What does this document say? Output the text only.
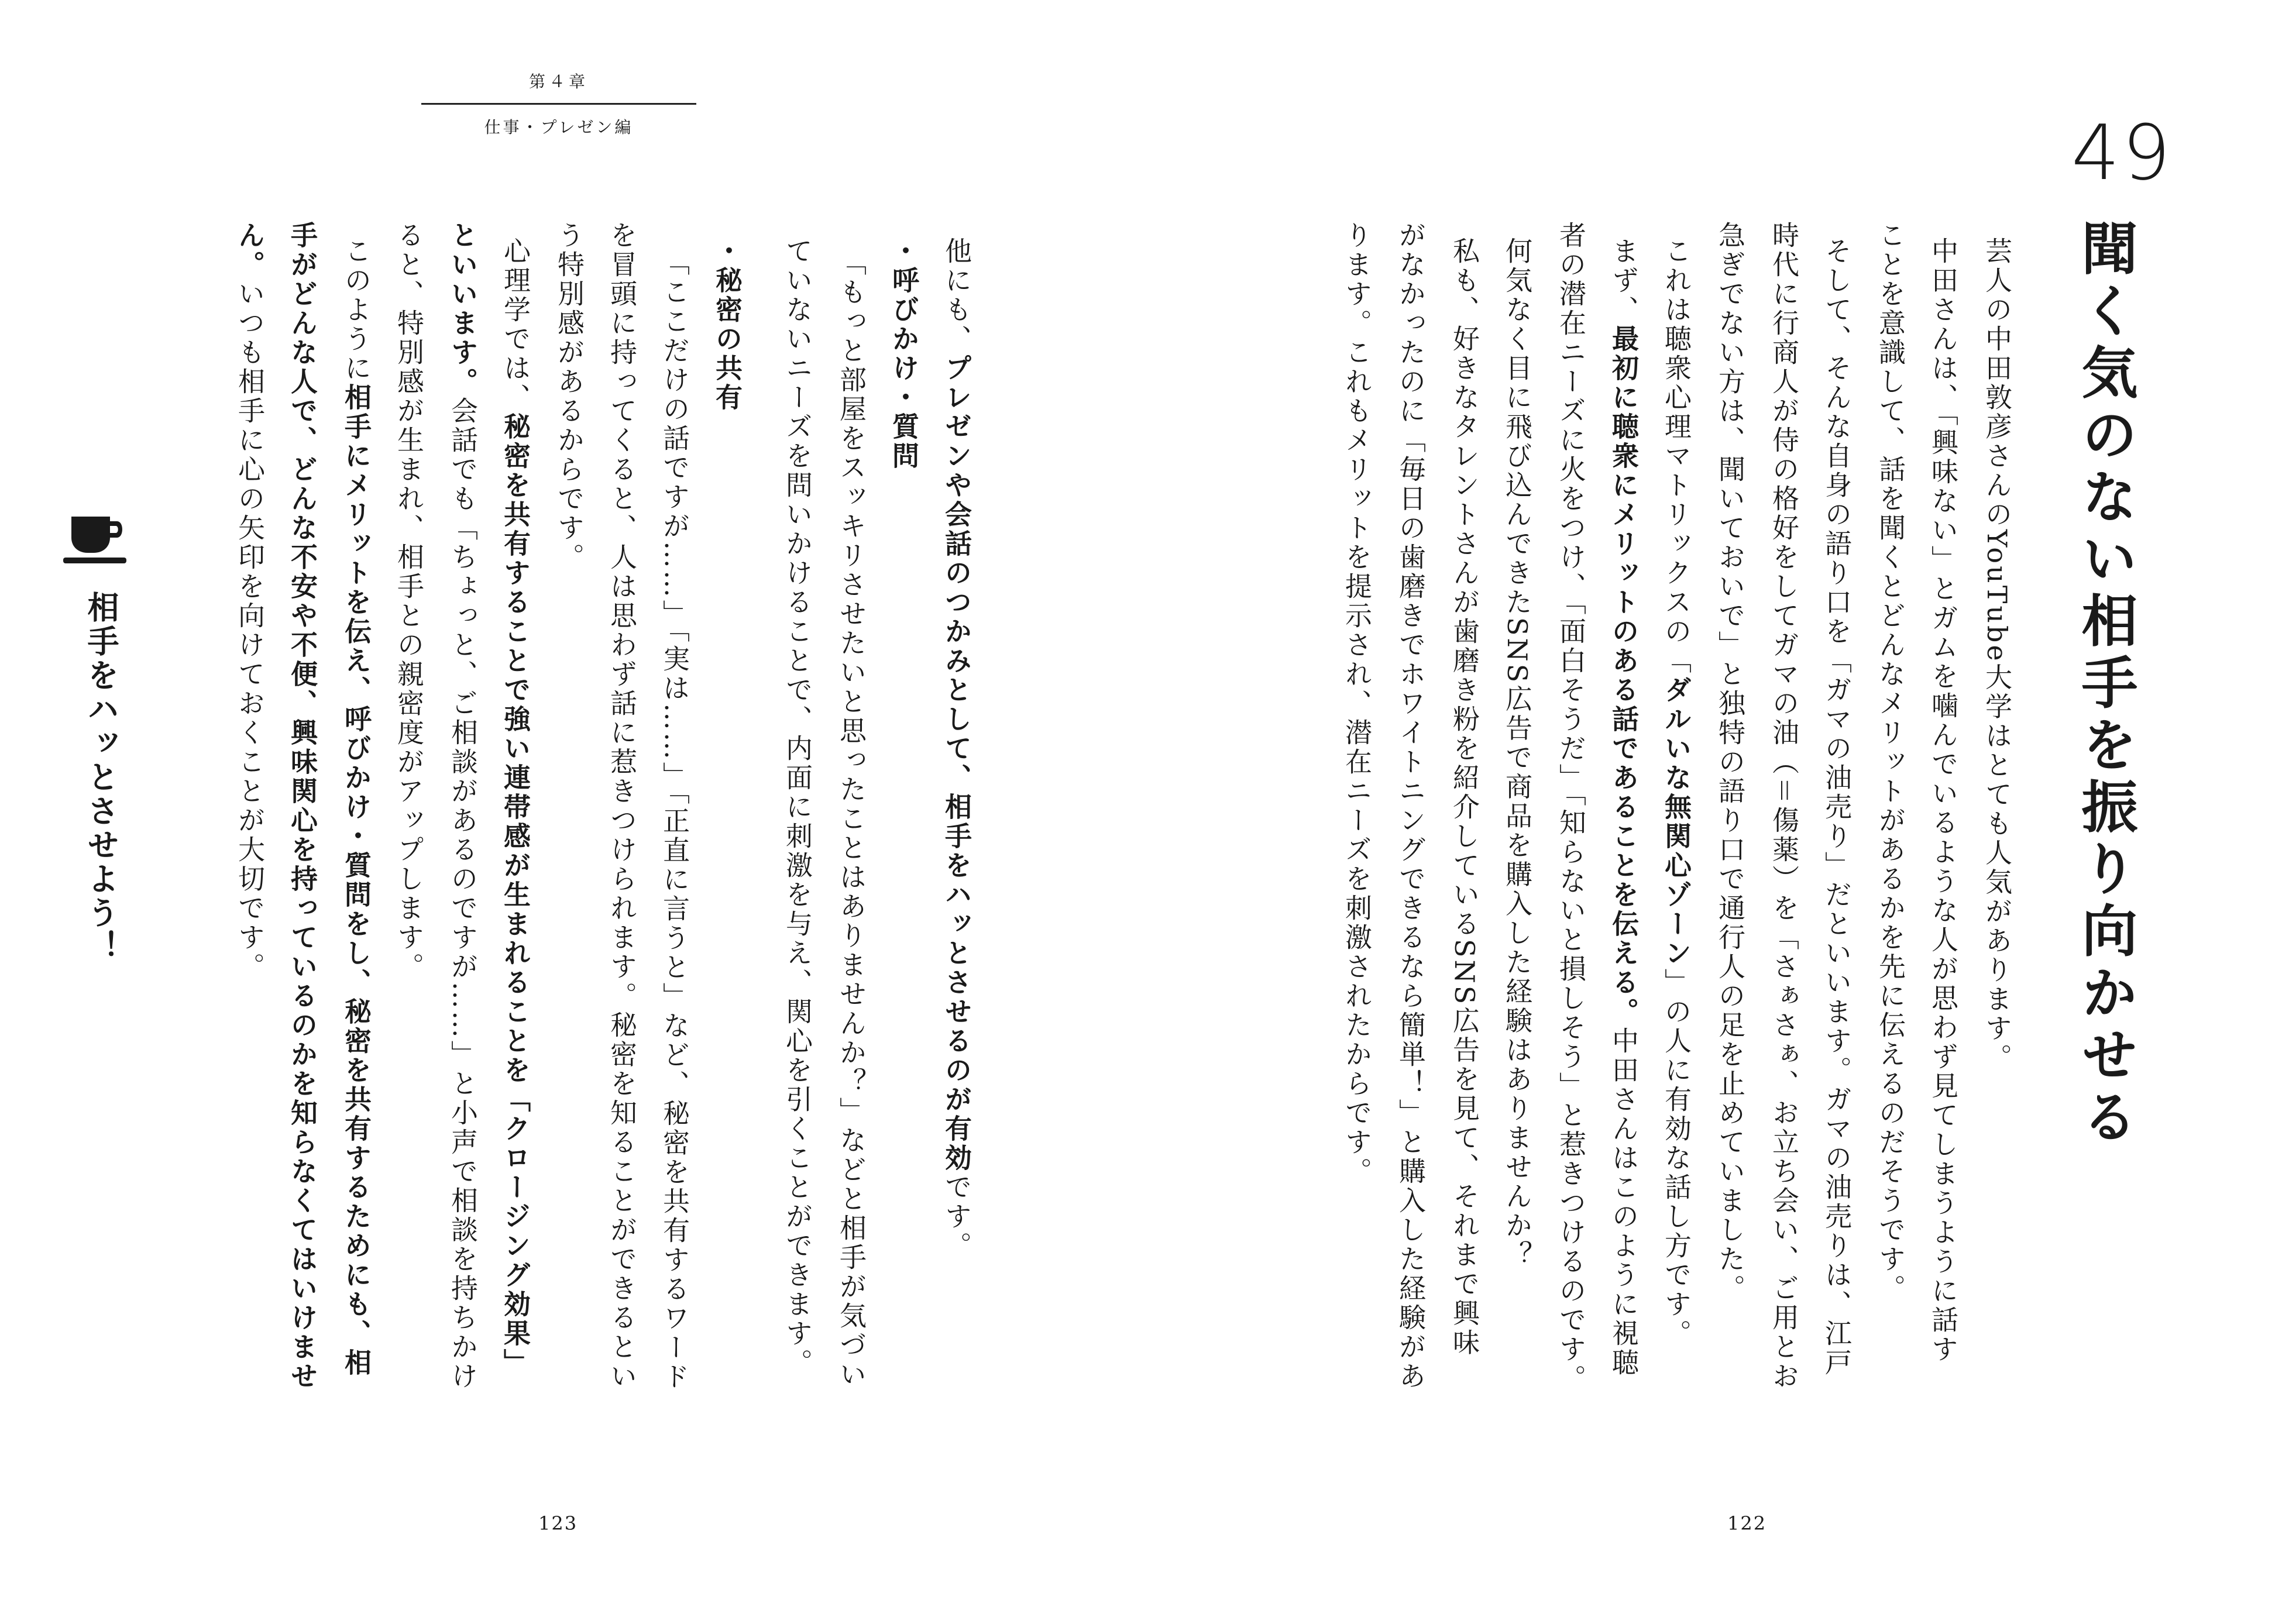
第４章
仕事・プレゼン編
他にも、プレゼンや会話のつかみとして、相手をハッとさせるのが有効です。
・呼びかけ・質問
「もっと部屋をスッキリさせたいと思ったことはありませんか？」などと相手が気づい
ていないニーズを問いかけることで、内面に刺激を与え、関心を引くことができます。
・秘密の共有
「ここだけの話ですが……」「実は……」「正直に言うと」など、秘密を共有するワード
を冒頭に持ってくると、人は思わず話に惹きつけられます。秘密を知ることができるとい
う特別感があるからです。
心理学では、秘密を共有することで強い連帯感が生まれることを「クロージング効果」
といいます。会話でも「ちょっと、ご相談があるのですが……」と小声で相談を持ちかけ
ると、特別感が生まれ、相手との親密度がアップします。
このように相手にメリットを伝え、呼びかけ・質問をし、秘密を共有するためにも、相
手がどんな人で、どんな不安や不便、興味関心を持っているのかを知らなくてはいけませ
ん。いつも相手に心の矢印を向けておくことが大切です。
相手をハッとさせよう！
123
49
聞く気のない相手を振り向かせる
芸人の中田敦彦さんのYouTube大学はとても人気があります。
中田さんは、「興味ない」とガムを噛んでいるような人が思わず見てしまうように話す
ことを意識して、話を聞くとどんなメリットがあるかを先に伝えるのだそうです。
そして、そんな自身の語り口を「ガマの油売り」だといいます。ガマの油売りは、江戸
時代に行商人が侍の格好をしてガマの油（＝傷薬）を「さぁさぁ、お立ち会い、ご用とお
急ぎでない方は、聞いておいで」と独特の語り口で通行人の足を止めていました。
これは聴衆心理マトリックスの「ダルいな無関心ゾーン」の人に有効な話し方です。
まず、最初に聴衆にメリットのある話であることを伝える。中田さんはこのように視聴
者の潜在ニーズに火をつけ、「面白そうだ」「知らないと損しそう」と惹きつけるのです。
何気なく目に飛び込んできたSNS広告で商品を購入した経験はありませんか？
私も、好きなタレントさんが歯磨き粉を紹介しているSNS広告を見て、それまで興味
がなかったのに「毎日の歯磨きでホワイトニングできるなら簡単！」と購入した経験があ
ります。これもメリットを提示され、潜在ニーズを刺激されたからです。
122
